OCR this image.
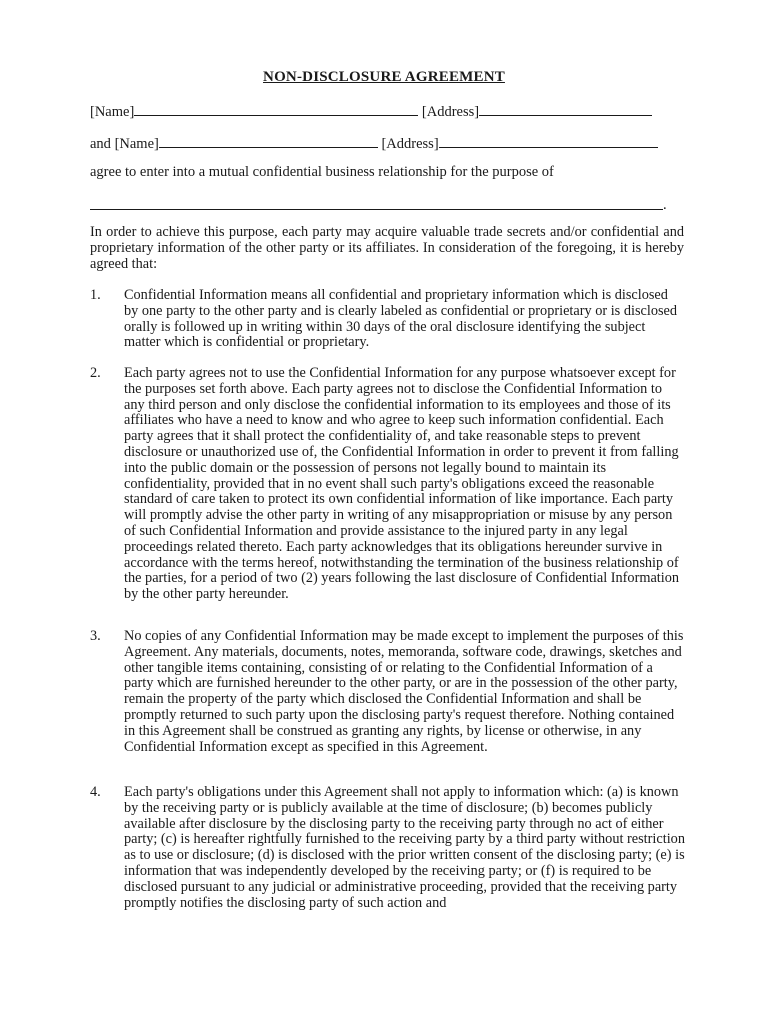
NON-DISCLOSURE AGREEMENT
[Name]	[Address]
and [Name]	[Address]
agree to enter into a mutual confidential business relationship for the purpose of
.
In order to achieve this purpose, each party may acquire valuable trade secrets and/or confidential and proprietary information of the other party or its affiliates. In consideration of the foregoing, it is hereby agreed that:
1.	Confidential Information means all confidential and proprietary information which is disclosed by one party to the other party and is clearly labeled as confidential or proprietary or is disclosed orally is followed up in writing within 30 days of the oral disclosure identifying the subject matter which is confidential or proprietary.
2.	Each party agrees not to use the Confidential Information for any purpose whatsoever except for the purposes set forth above. Each party agrees not to disclose the Confidential Information to any third person and only disclose the confidential information to its employees and those of its affiliates who have a need to know and who agree to keep such information confidential. Each party agrees that it shall protect the confidentiality of, and take reasonable steps to prevent disclosure or unauthorized use of, the Confidential Information in order to prevent it from falling into the public domain or the possession of persons not legally bound to maintain its confidentiality, provided that in no event shall such party's obligations exceed the reasonable standard of care taken to protect its own confidential information of like importance. Each party will promptly advise the other party in writing of any misappropriation or misuse by any person of such Confidential Information and provide assistance to the injured party in any legal proceedings related thereto. Each party acknowledges that its obligations hereunder survive in accordance with the terms hereof, notwithstanding the termination of the business relationship of the parties, for a period of two (2) years following the last disclosure of Confidential Information by the other party hereunder.
3.	No copies of any Confidential Information may be made except to implement the purposes of this Agreement. Any materials, documents, notes, memoranda, software code, drawings, sketches and other tangible items containing, consisting of or relating to the Confidential Information of a party which are furnished hereunder to the other party, or are in the possession of the other party, remain the property of the party which disclosed the Confidential Information and shall be promptly returned to such party upon the disclosing party's request therefore. Nothing contained in this Agreement shall be construed as granting any rights, by license or otherwise, in any Confidential Information except as specified in this Agreement.
4.	Each party's obligations under this Agreement shall not apply to information which: (a) is known by the receiving party or is publicly available at the time of disclosure; (b) becomes publicly available after disclosure by the disclosing party to the receiving party through no act of either party; (c) is hereafter rightfully furnished to the receiving party by a third party without restriction as to use or disclosure; (d) is disclosed with the prior written consent of the disclosing party; (e) is information that was independently developed by the receiving party; or (f) is required to be disclosed pursuant to any judicial or administrative proceeding, provided that the receiving party promptly notifies the disclosing party of such action and
